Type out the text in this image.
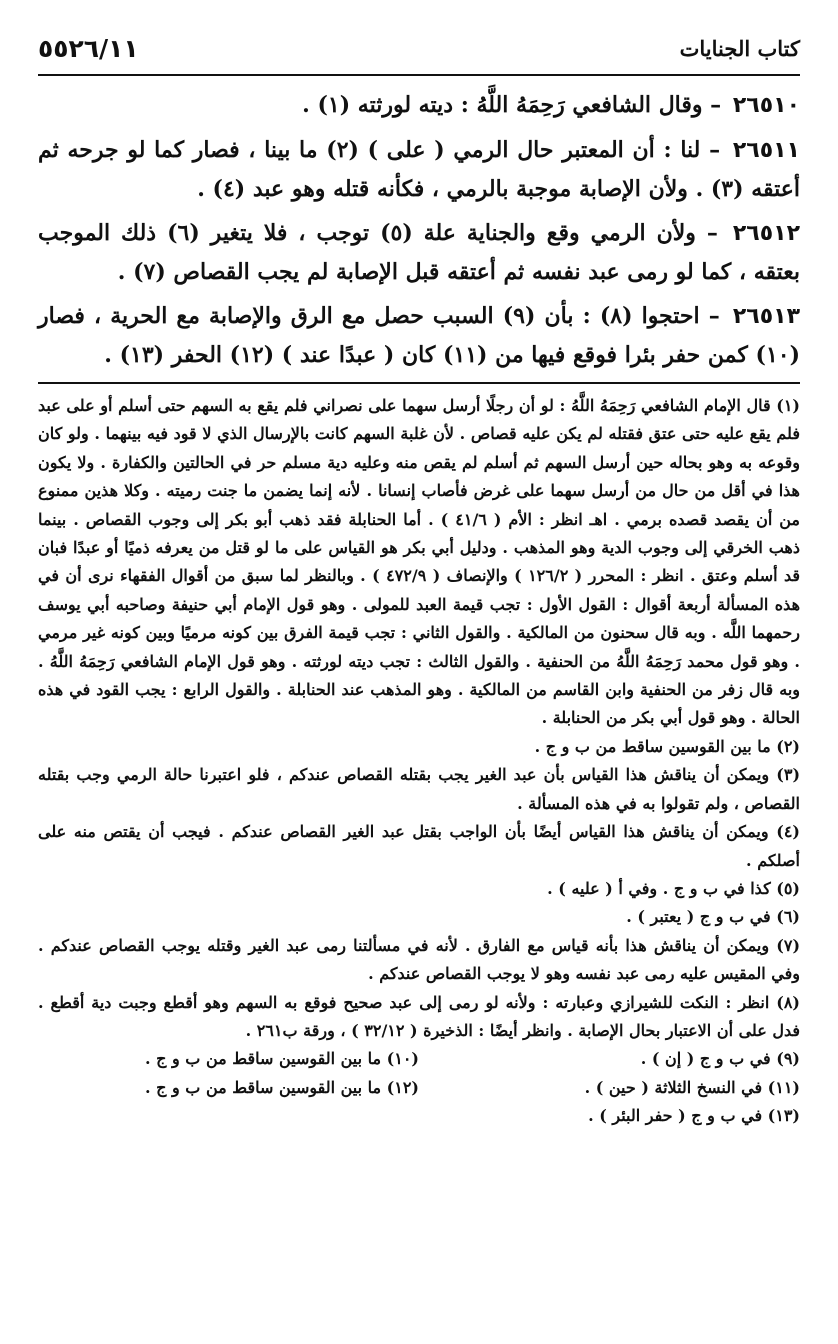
كتاب الجنايات
٥٥٢٦/١١

٢٦٥١٠ – وقال الشافعي رَحِمَهُ اللَّهُ : ديته لورثته (١) .

٢٦٥١١ – لنا : أن المعتبر حال الرمي ( على ) (٢) ما بينا ، فصار كما لو جرحه ثم أعتقه (٣) . ولأن الإصابة موجبة بالرمي ، فكأنه قتله وهو عبد (٤) .

٢٦٥١٢ – ولأن الرمي وقع والجناية علة (٥) توجب ، فلا يتغير (٦) ذلك الموجب بعتقه ، كما لو رمى عبد نفسه ثم أعتقه قبل الإصابة لم يجب القصاص (٧) .

٢٦٥١٣ – احتجوا (٨) : بأن (٩) السبب حصل مع الرق والإصابة مع الحرية ، فصار (١٠) كمن حفر بئرا فوقع فيها من (١١) كان ( عبدًا عند ) (١٢) الحفر (١٣) .

(١) قال الإمام الشافعي رَحِمَهُ اللَّهُ : لو أن رجلًا أرسل سهما على نصراني فلم يقع به السهم حتى أسلم أو على عبد فلم يقع عليه حتى عتق فقتله لم يكن عليه قصاص . لأن غلبة السهم كانت بالإرسال الذي لا قود فيه بينهما . ولو كان وقوعه به وهو بحاله حين أرسل السهم ثم أسلم لم يقص منه وعليه دية مسلم حر في الحالتين والكفارة . ولا يكون هذا في أقل من حال من أرسل سهما على غرض فأصاب إنسانا . لأنه إنما يضمن ما جنت رميته . وكلا هذين ممنوع من أن يقصد قصده برمي . اهـ انظر : الأم ( ٤١/٦ ) . أما الحنابلة فقد ذهب أبو بكر إلى وجوب القصاص . بينما ذهب الخرقي إلى وجوب الدية وهو المذهب . ودليل أبي بكر هو القياس على ما لو قتل من يعرفه ذميًا أو عبدًا فبان قد أسلم وعتق . انظر : المحرر ( ١٢٦/٢ ) والإنصاف ( ٤٧٢/٩ ) . وبالنظر لما سبق من أقوال الفقهاء نرى أن في هذه المسألة أربعة أقوال : القول الأول : تجب قيمة العبد للمولى . وهو قول الإمام أبي حنيفة وصاحبه أبي يوسف رحمهما اللَّه . وبه قال سحنون من المالكية . والقول الثاني : تجب قيمة الفرق بين كونه مرميًا وبين كونه غير مرمي . وهو قول محمد رَحِمَهُ اللَّهُ من الحنفية . والقول الثالث : تجب ديته لورثته . وهو قول الإمام الشافعي رَحِمَهُ اللَّهُ . وبه قال زفر من الحنفية وابن القاسم من المالكية . وهو المذهب عند الحنابلة . والقول الرابع : يجب القود في هذه الحالة . وهو قول أبي بكر من الحنابلة .

(٢) ما بين القوسين ساقط من ب و ج .

(٣) ويمكن أن يناقش هذا القياس بأن عبد الغير يجب بقتله القصاص عندكم ، فلو اعتبرنا حالة الرمي وجب بقتله القصاص ، ولم تقولوا به في هذه المسألة .

(٤) ويمكن أن يناقش هذا القياس أيضًا بأن الواجب بقتل عبد الغير القصاص عندكم . فيجب أن يقتص منه على أصلكم .

(٥) كذا في ب و ج . وفي أ ( عليه ) .

(٦) في ب و ج ( يعتبر ) .

(٧) ويمكن أن يناقش هذا بأنه قياس مع الفارق . لأنه في مسألتنا رمى عبد الغير وقتله يوجب القصاص عندكم . وفي المقيس عليه رمى عبد نفسه وهو لا يوجب القصاص عندكم .

(٨) انظر : النكت للشيرازي وعبارته : ولأنه لو رمى إلى عبد صحيح فوقع به السهم وهو أقطع وجبت دية أقطع . فدل على أن الاعتبار بحال الإصابة . وانظر أيضًا : الذخيرة ( ٣٢/١٢ ) ، ورقة ب٢٦١ .

(٩) في ب و ج ( إن ) .
(١٠) ما بين القوسين ساقط من ب و ج .
(١١) في النسخ الثلاثة ( حين ) .
(١٢) ما بين القوسين ساقط من ب و ج .

(١٣) في ب و ج ( حفر البئر ) .
